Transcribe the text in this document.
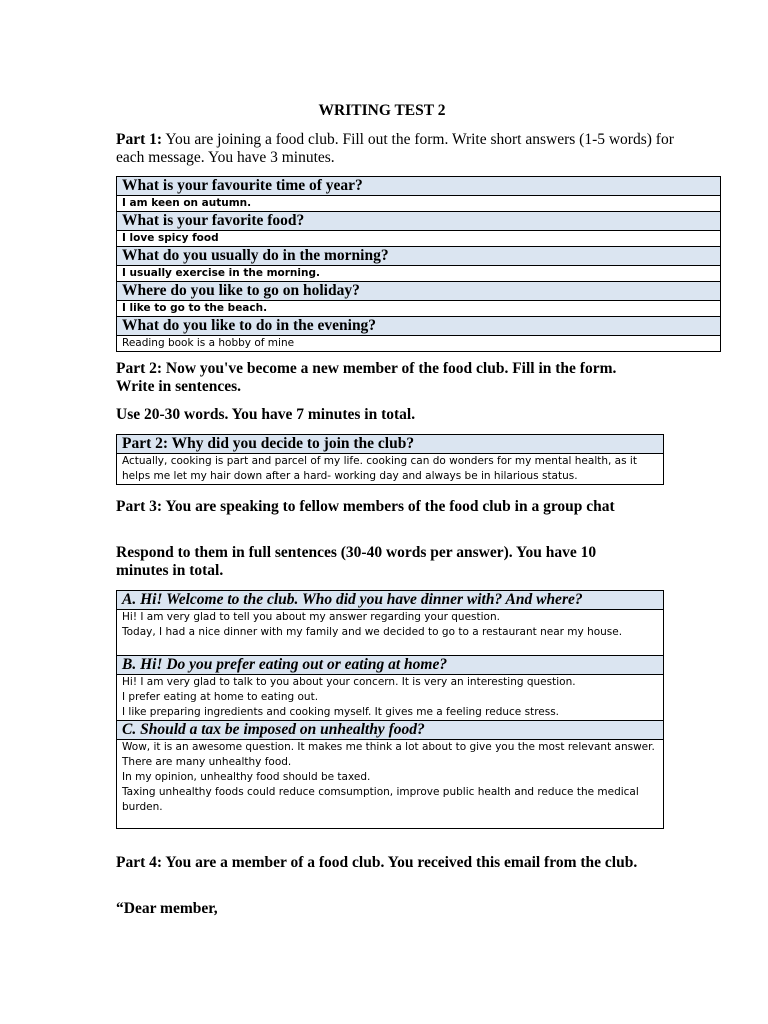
WRITING TEST 2
Part 1: You are joining a food club. Fill out the form. Write short answers (1-5 words) for each message. You have 3 minutes.
What is your favourite time of year?
I am keen on autumn.
What is your favorite food?
I love spicy food
What do you usually do in the morning?
I usually exercise in the morning.
Where do you like to go on holiday?
I like to go to the beach.
What do you like to do in the evening?
Reading book is a hobby of mine
Part 2: Now you've become a new member of the food club. Fill in the form. Write in sentences.
Use 20-30 words. You have 7 minutes in total.
Part 2: Why did you decide to join the club?

Actually, cooking is part and parcel of my life. cooking can do wonders for my mental health, as it
helps me let my hair down after a hard- working day and always be in hilarious status.
Part 3: You are speaking to fellow members of the food club in a group chat
Respond to them in full sentences (30-40 words per answer). You have 10 minutes in total.
A. Hi! Welcome to the club. Who did you have dinner with? And where?

Hi! I am very glad to tell you about my answer regarding your question.
Today, I had a nice dinner with my family and we decided to go to a restaurant near my house.

B. Hi! Do you prefer eating out or eating at home?

Hi! I am very glad to talk to you about your concern. It is very an interesting question.
I prefer eating at home to eating out.
I like preparing ingredients and cooking myself. It gives me a feeling reduce stress.

C. Should a tax be imposed on unhealthy food?

Wow, it is an awesome question. It makes me think a lot about to give you the most relevant answer.
There are many unhealthy food.
In my opinion, unhealthy food should be taxed.
Taxing unhealthy foods could reduce comsumption, improve public health and reduce the medical
burden.
Part 4: You are a member of a food club. You received this email from the club.
“Dear member,
